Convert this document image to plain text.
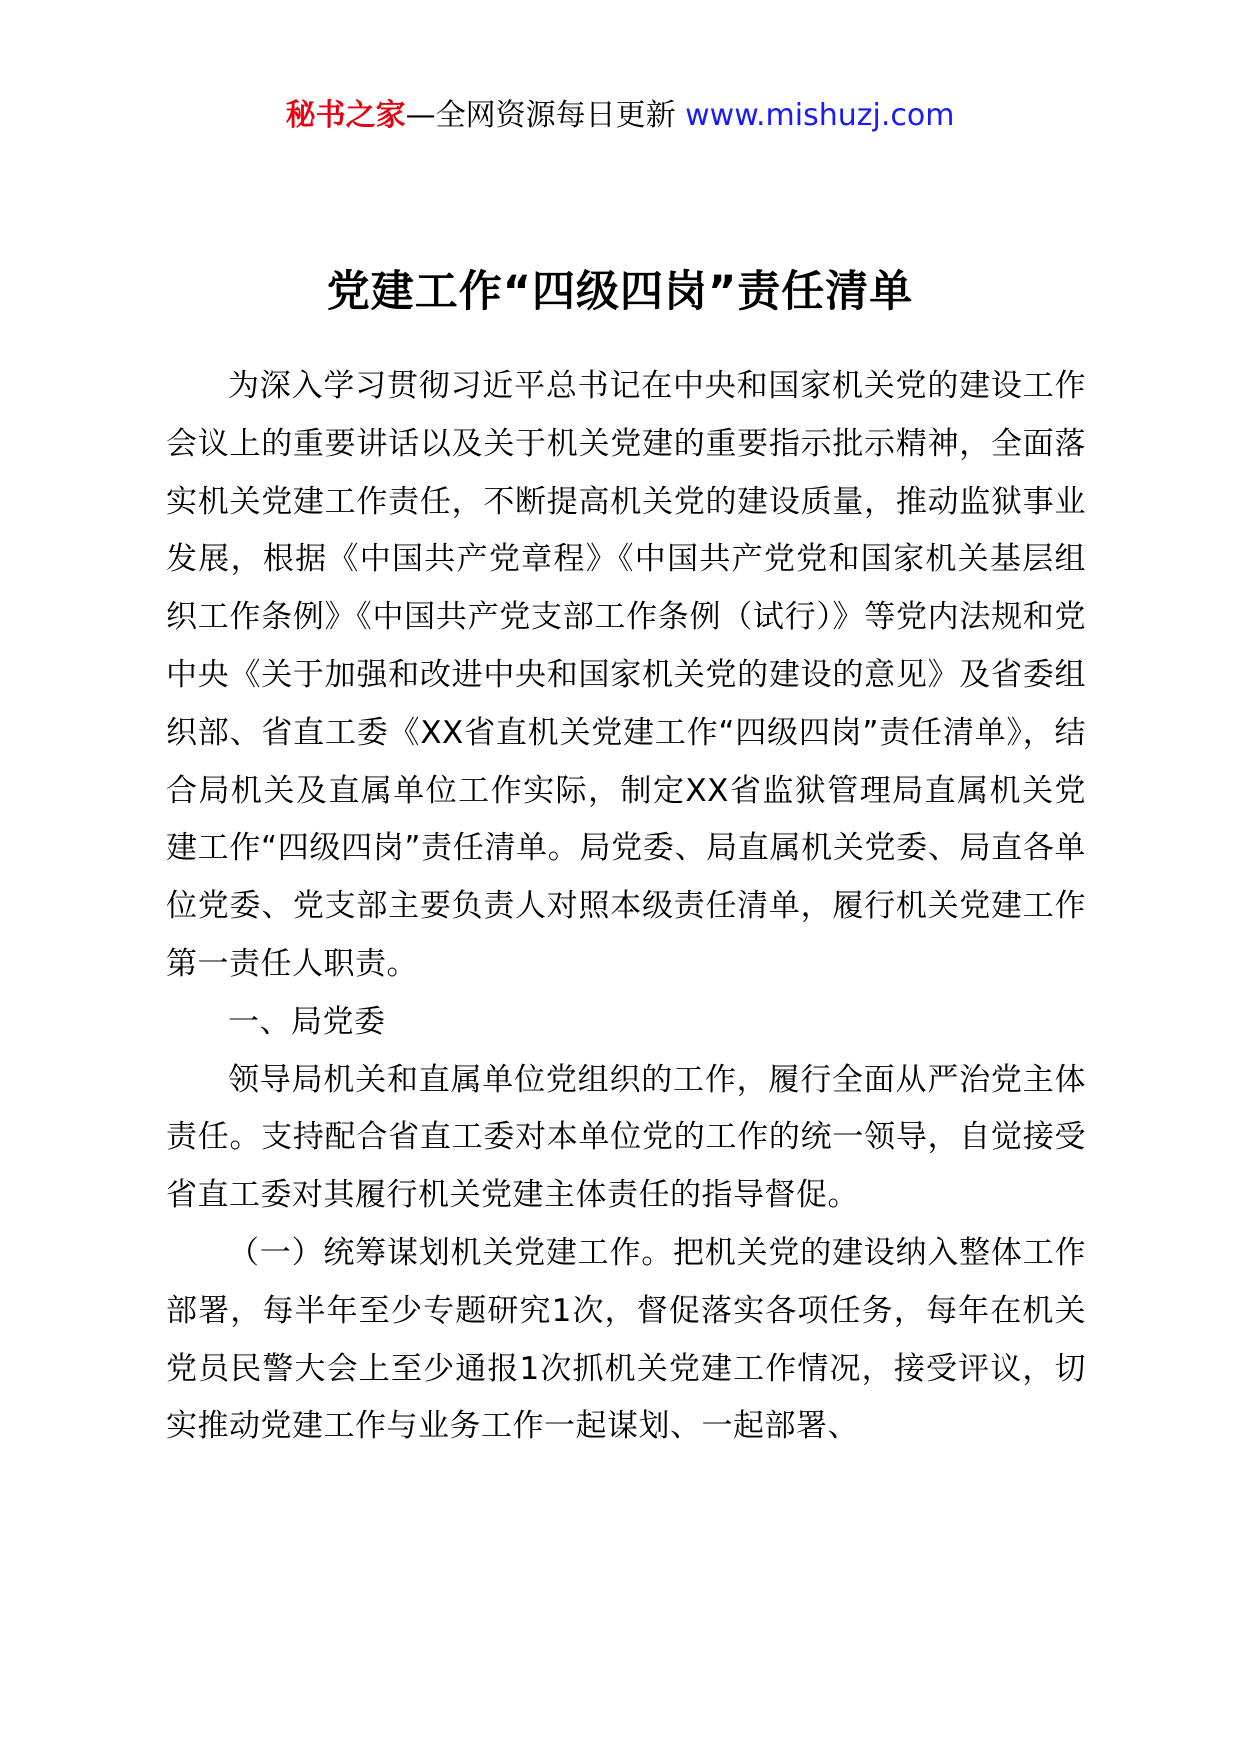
秘书之家—全网资源每日更新 www.mishuzj.com
党建工作“四级四岗”责任清单

为深入学习贯彻习近平总书记在中央和国家机关党的建设工作会议上的重要讲话以及关于机关党建的重要指示批示精神，全面落实机关党建工作责任，不断提高机关党的建设质量，推动监狱事业发展，根据《中国共产党章程》《中国共产党党和国家机关基层组织工作条例》《中国共产党支部工作条例（试行）》等党内法规和党中央《关于加强和改进中央和国家机关党的建设的意见》及省委组织部、省直工委《XX省直机关党建工作“四级四岗”责任清单》，结合局机关及直属单位工作实际，制定XX省监狱管理局直属机关党建工作“四级四岗”责任清单。局党委、局直属机关党委、局直各单位党委、党支部主要负责人对照本级责任清单，履行机关党建工作第一责任人职责。

一、局党委

领导局机关和直属单位党组织的工作，履行全面从严治党主体责任。支持配合省直工委对本单位党的工作的统一领导，自觉接受省直工委对其履行机关党建主体责任的指导督促。

（一）统筹谋划机关党建工作。把机关党的建设纳入整体工作部署，每半年至少专题研究1次，督促落实各项任务，每年在机关党员民警大会上至少通报1次抓机关党建工作情况，接受评议，切实推动党建工作与业务工作一起谋划、一起部署、
